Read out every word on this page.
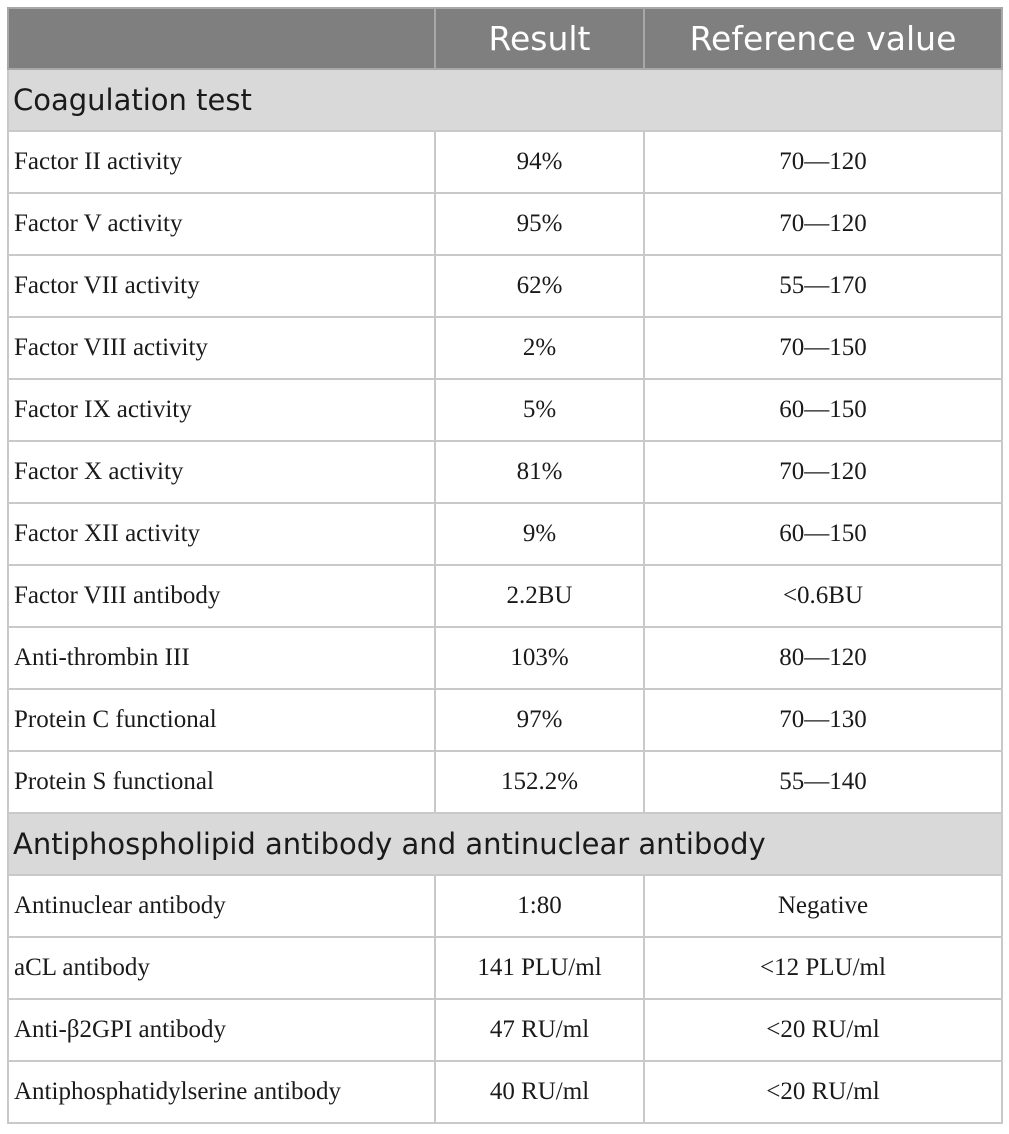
	Result	Reference value
Coagulation test		
Factor II activity	94%	70—120
Factor V activity	95%	70—120
Factor VII activity	62%	55—170
Factor VIII activity	2%	70—150
Factor IX activity	5%	60—150
Factor X activity	81%	70—120
Factor XII activity	9%	60—150
Factor VIII antibody	2.2BU	<0.6BU
Anti-thrombin III	103%	80—120
Protein C functional	97%	70—130
Protein S functional	152.2%	55—140
Antiphospholipid antibody and antinuclear antibody		
Antinuclear antibody	1:80	Negative
aCL antibody	141 PLU/ml	<12 PLU/ml
Anti-β2GPI antibody	47 RU/ml	<20 RU/ml
Antiphosphatidylserine antibody	40 RU/ml	<20 RU/ml
